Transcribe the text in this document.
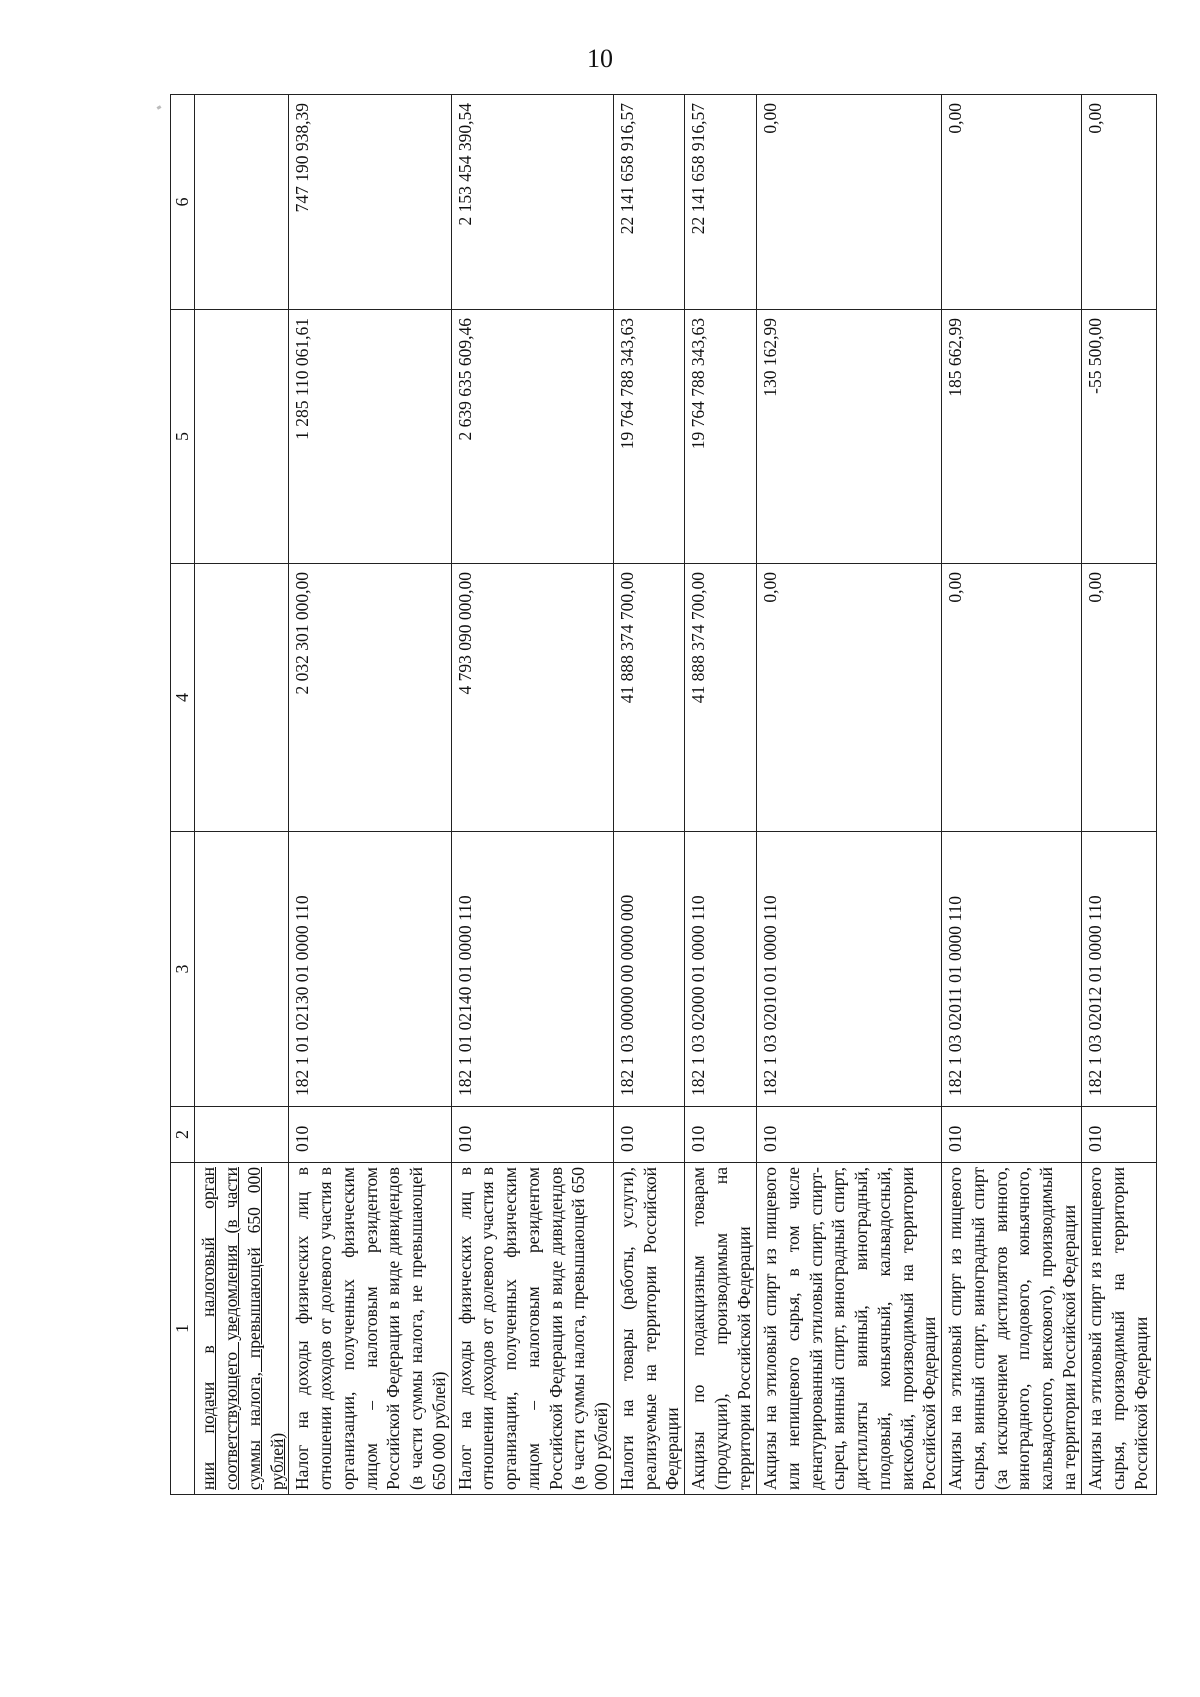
10
1	2	3	4	5	6
нии подачи в налоговый орган соответствующего уведомления (в части суммы налога, превышающей 650 000 рублей)					
Налог на доходы физических лиц в отношении доходов от долевого участия в организации, полученных физическим лицом – налоговым резидентом Российской Федерации в виде дивидендов (в части суммы налога, не превышающей 650 000 рублей)	010	182 1 01 02130 01 0000 110	2 032 301 000,00	1 285 110 061,61	747 190 938,39
Налог на доходы физических лиц в отношении доходов от долевого участия в организации, полученных физическим лицом – налоговым резидентом Российской Федерации в виде дивидендов (в части суммы налога, превышающей 650 000 рублей)	010	182 1 01 02140 01 0000 110	4 793 090 000,00	2 639 635 609,46	2 153 454 390,54
Налоги на товары (работы, услуги), реализуемые на территории Российской Федерации	010	182 1 03 00000 00 0000 000	41 888 374 700,00	19 764 788 343,63	22 141 658 916,57
Акцизы по подакцизным товарам (продукции), производимым на территории Российской Федерации	010	182 1 03 02000 01 0000 110	41 888 374 700,00	19 764 788 343,63	22 141 658 916,57
Акцизы на этиловый спирт из пищевого или непищевого сырья, в том числе денатурированный этиловый спирт, спирт-сырец, винный спирт, виноградный спирт, дистилляты винный, виноградный, плодовый, коньячный, кальвадосный, вискобый, производимый на территории Российской Федерации	010	182 1 03 02010 01 0000 110	0,00	130 162,99	0,00
Акцизы на этиловый спирт из пищевого сырья, винный спирт, виноградный спирт (за исключением дистиллятов винного, виноградного, плодового, коньячного, кальвадосного, вискового), производимый на территории Российской Федерации	010	182 1 03 02011 01 0000 110	0,00	185 662,99	0,00
Акцизы на этиловый спирт из непищевого сырья, производимый на территории Российской Федерации	010	182 1 03 02012 01 0000 110	0,00	-55 500,00	0,00
